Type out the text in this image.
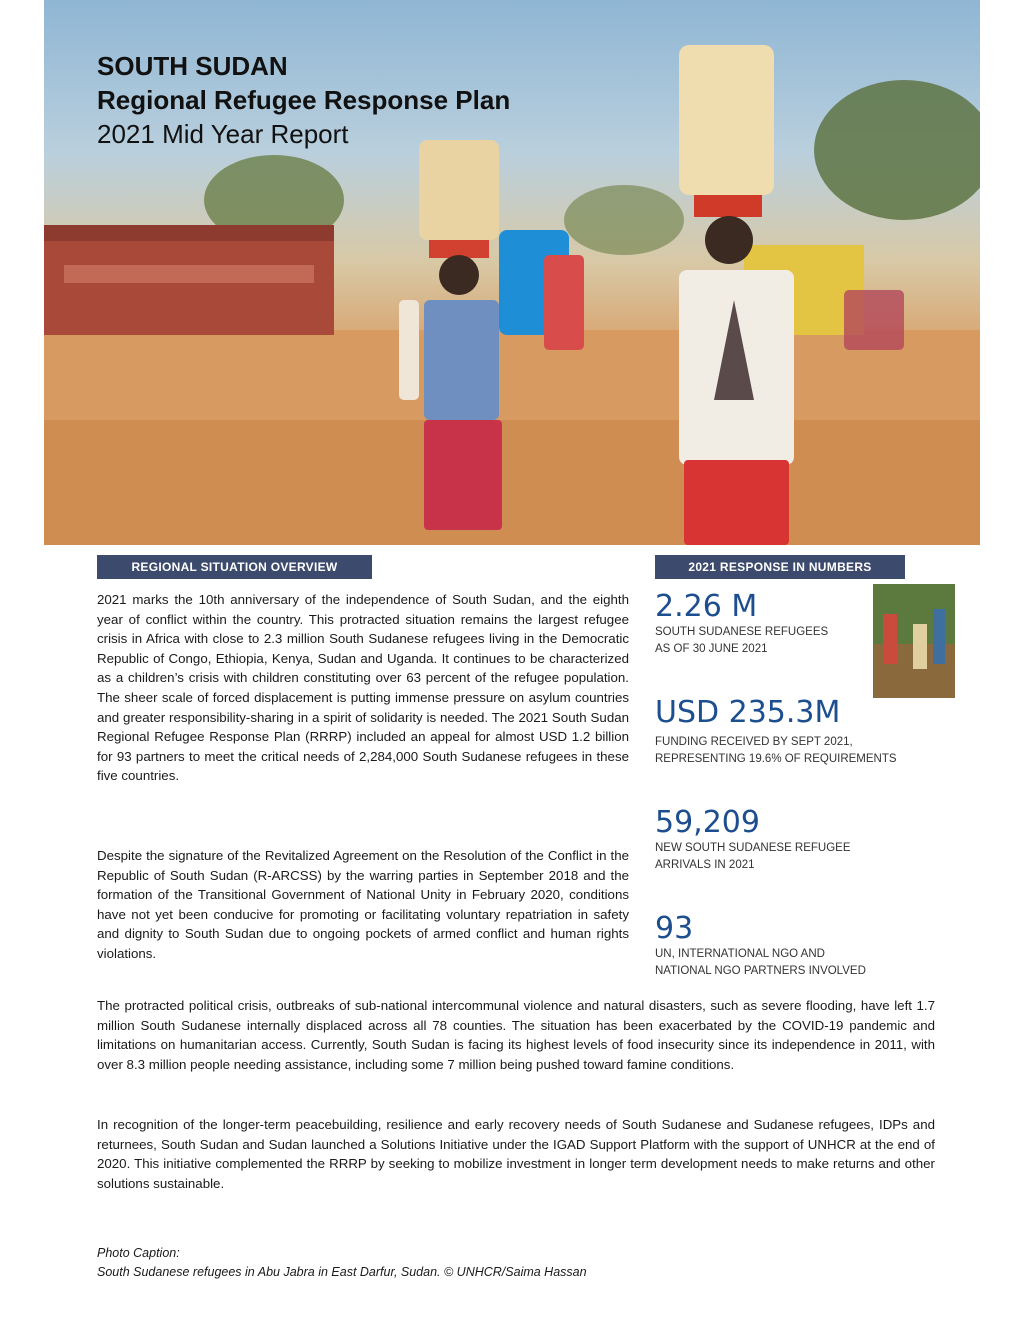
SOUTH SUDAN
Regional Refugee Response Plan
2021 Mid Year Report
REGIONAL SITUATION OVERVIEW	2021 RESPONSE IN NUMBERS
2021 marks the 10th anniversary of the independence of South Sudan, and the eighth year of conflict within the country. This protracted situation remains the largest refugee crisis in Africa with close to 2.3 million South Sudanese refugees living in the Democratic Republic of Congo, Ethiopia, Kenya, Sudan and Uganda. It continues to be characterized as a children’s crisis with children constituting over 63 percent of the refugee population. The sheer scale of forced displacement is putting immense pressure on asylum countries and greater responsibility-sharing in a spirit of solidarity is needed. The 2021 South Sudan Regional Refugee Response Plan (RRRP) included an appeal for almost USD 1.2 billion for 93 partners to meet the critical needs of 2,284,000 South Sudanese refugees in these five countries.
Despite the signature of the Revitalized Agreement on the Resolution of the Conflict in the Republic of South Sudan (R-ARCSS) by the warring parties in September 2018 and the formation of the Transitional Government of National Unity in February 2020, conditions have not yet been conducive for promoting or facilitating voluntary repatriation in safety and dignity to South Sudan due to ongoing pockets of armed conflict and human rights violations.
2.26 M
SOUTH SUDANESE REFUGEES
AS OF 30 JUNE 2021
USD 235.3M
FUNDING RECEIVED BY SEPT 2021,
REPRESENTING 19.6% OF REQUIREMENTS
59,209
NEW SOUTH SUDANESE REFUGEE
ARRIVALS IN 2021
93
UN, INTERNATIONAL NGO AND
NATIONAL NGO PARTNERS INVOLVED
The protracted political crisis, outbreaks of sub-national intercommunal violence and natural disasters, such as severe flooding, have left 1.7 million South Sudanese internally displaced across all 78 counties. The situation has been exacerbated by the COVID-19 pandemic and limitations on humanitarian access. Currently, South Sudan is facing its highest levels of food insecurity since its independence in 2011, with over 8.3 million people needing assistance, including some 7 million being pushed toward famine conditions.
In recognition of the longer-term peacebuilding, resilience and early recovery needs of South Sudanese and Sudanese refugees, IDPs and returnees, South Sudan and Sudan launched a Solutions Initiative under the IGAD Support Platform with the support of UNHCR at the end of 2020. This initiative complemented the RRRP by seeking to mobilize investment in longer term development needs to make returns and other solutions sustainable.
Photo Caption:
South Sudanese refugees in Abu Jabra in East Darfur, Sudan. © UNHCR/Saima Hassan
